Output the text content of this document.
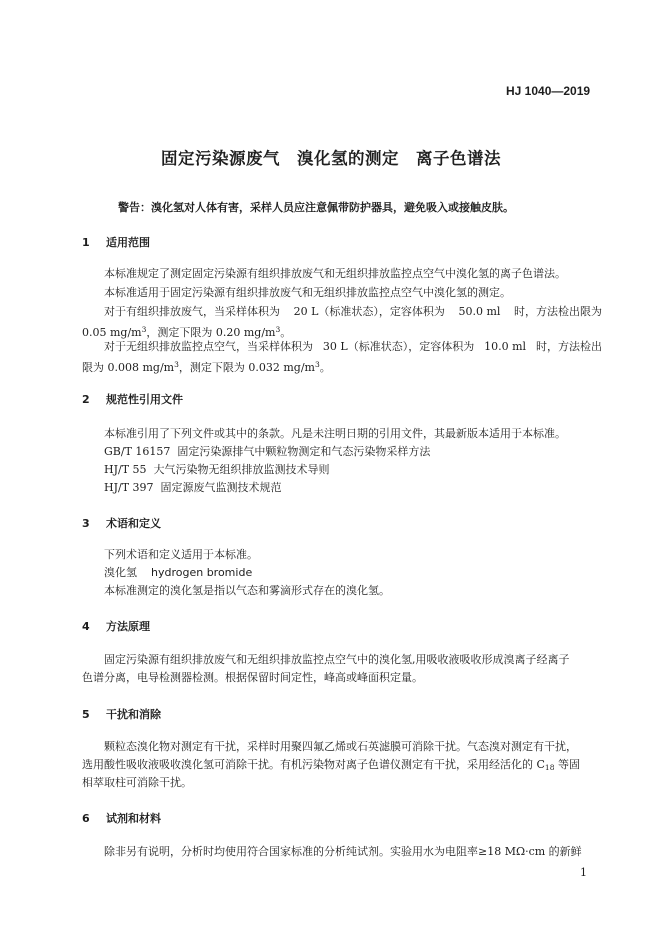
HJ 1040—2019
固定污染源废气　溴化氢的测定　离子色谱法
警告：溴化氢对人体有害，采样人员应注意佩带防护器具，避免吸入或接触皮肤。
1 适用范围
本标准规定了测定固定污染源有组织排放废气和无组织排放监控点空气中溴化氢的离子色谱法。
本标准适用于固定污染源有组织排放废气和无组织排放监控点空气中溴化氢的测定。
对于有组织排放废气，当采样体积为 20 L（标准状态），定容体积为 50.0 ml 时，方法检出限为
0.05 $mg/m^3$，测定下限为 0.20 $mg/m^3$。
对于无组织排放监控点空气，当采样体积为 30 L（标准状态），定容体积为 10.0 ml 时，方法检出
限为 0.008 $mg/m^3$，测定下限为 0.032 $mg/m^3$。
2 规范性引用文件
本标准引用了下列文件或其中的条款。凡是未注明日期的引用文件，其最新版本适用于本标准。
GB/T 16157 固定污染源排气中颗粒物测定和气态污染物采样方法
HJ/T 55 大气污染物无组织排放监测技术导则
HJ/T 397 固定源废气监测技术规范
3 术语和定义
下列术语和定义适用于本标准。
溴化氢 hydrogen bromide
本标准测定的溴化氢是指以气态和雾滴形式存在的溴化氢。
4 方法原理
固定污染源有组织排放废气和无组织排放监控点空气中的溴化氢,用吸收液吸收形成溴离子经离子
色谱分离，电导检测器检测。根据保留时间定性，峰高或峰面积定量。
5 干扰和消除
颗粒态溴化物对测定有干扰，采样时用聚四氟乙烯或石英滤膜可消除干扰。气态溴对测定有干扰，
选用酸性吸收液吸收溴化氢可消除干扰。有机污染物对离子色谱仪测定有干扰，采用经活化的 $C_{18}$ 等固
相萃取柱可消除干扰。
6 试剂和材料
除非另有说明，分析时均使用符合国家标准的分析纯试剂。实验用水为电阻率≥18 MΩ·cm 的新鲜
1
